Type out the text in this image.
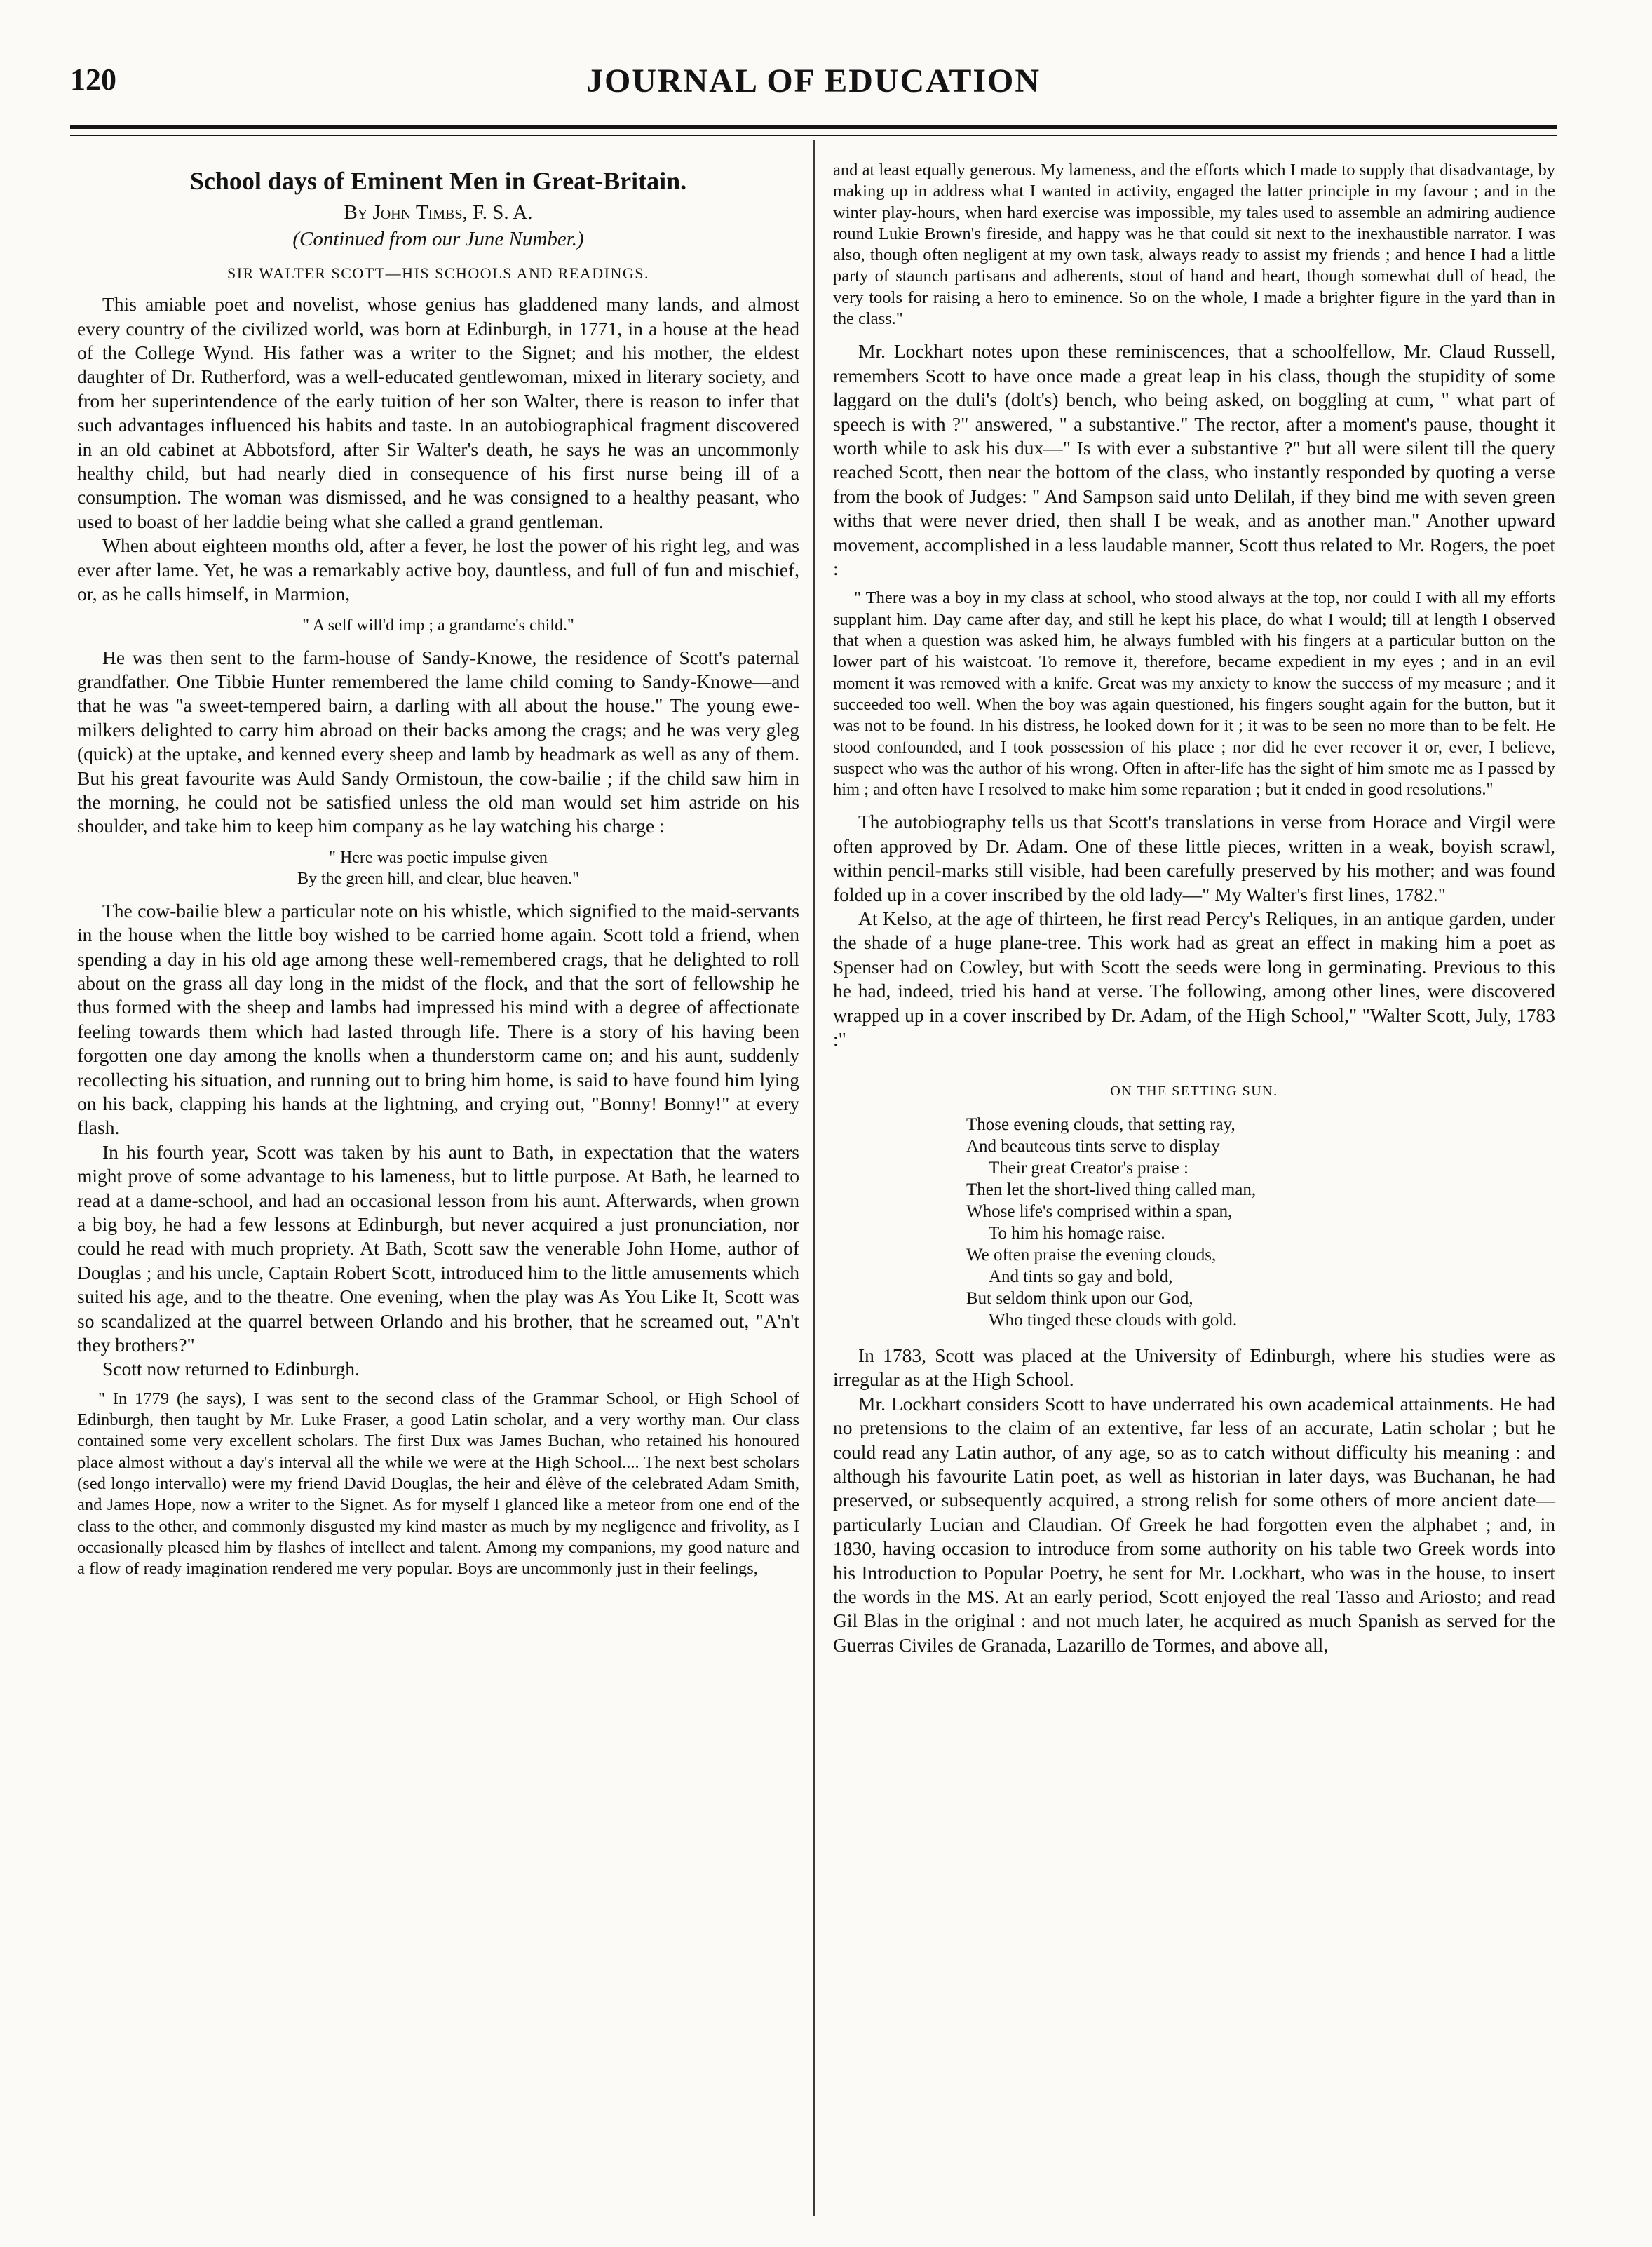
120	JOURNAL OF EDUCATION
School days of Eminent Men in Great-Britain.
By John Timbs, F. S. A.
(Continued from our June Number.)
SIR WALTER SCOTT—HIS SCHOOLS AND READINGS.

This amiable poet and novelist, whose genius has gladdened many lands, and almost every country of the civilized world, was born at Edinburgh, in 1771, in a house at the head of the College Wynd. His father was a writer to the Signet; and his mother, the eldest daughter of Dr. Rutherford, was a well-educated gentlewoman, mixed in literary society, and from her superintendence of the early tuition of her son Walter, there is reason to infer that such advantages influenced his habits and taste. In an autobiographical fragment discovered in an old cabinet at Abbotsford, after Sir Walter's death, he says he was an uncommonly healthy child, but had nearly died in consequence of his first nurse being ill of a consumption. The woman was dismissed, and he was consigned to a healthy peasant, who used to boast of her laddie being what she called a grand gentleman.

When about eighteen months old, after a fever, he lost the power of his right leg, and was ever after lame. Yet, he was a remarkably active boy, dauntless, and full of fun and mischief, or, as he calls himself, in Marmion,

" A self will'd imp ; a grandame's child."

He was then sent to the farm-house of Sandy-Knowe, the residence of Scott's paternal grandfather. One Tibbie Hunter remembered the lame child coming to Sandy-Knowe—and that he was "a sweet-tempered bairn, a darling with all about the house." The young ewe-milkers delighted to carry him abroad on their backs among the crags; and he was very gleg (quick) at the uptake, and kenned every sheep and lamb by headmark as well as any of them. But his great favourite was Auld Sandy Ormistoun, the cow-bailie ; if the child saw him in the morning, he could not be satisfied unless the old man would set him astride on his shoulder, and take him to keep him company as he lay watching his charge :

" Here was poetic impulse given
By the green hill, and clear, blue heaven."

The cow-bailie blew a particular note on his whistle, which signified to the maid-servants in the house when the little boy wished to be carried home again. Scott told a friend, when spending a day in his old age among these well-remembered crags, that he delighted to roll about on the grass all day long in the midst of the flock, and that the sort of fellowship he thus formed with the sheep and lambs had impressed his mind with a degree of affectionate feeling towards them which had lasted through life. There is a story of his having been forgotten one day among the knolls when a thunderstorm came on; and his aunt, suddenly recollecting his situation, and running out to bring him home, is said to have found him lying on his back, clapping his hands at the lightning, and crying out, "Bonny! Bonny!" at every flash.

In his fourth year, Scott was taken by his aunt to Bath, in expectation that the waters might prove of some advantage to his lameness, but to little purpose. At Bath, he learned to read at a dame-school, and had an occasional lesson from his aunt. Afterwards, when grown a big boy, he had a few lessons at Edinburgh, but never acquired a just pronunciation, nor could he read with much propriety. At Bath, Scott saw the venerable John Home, author of Douglas ; and his uncle, Captain Robert Scott, introduced him to the little amusements which suited his age, and to the theatre. One evening, when the play was As You Like It, Scott was so scandalized at the quarrel between Orlando and his brother, that he screamed out, "A'n't they brothers?"

Scott now returned to Edinburgh.

" In 1779 (he says), I was sent to the second class of the Grammar School, or High School of Edinburgh, then taught by Mr. Luke Fraser, a good Latin scholar, and a very worthy man. Our class contained some very excellent scholars. The first Dux was James Buchan, who retained his honoured place almost without a day's interval all the while we were at the High School.... The next best scholars (sed longo intervallo) were my friend David Douglas, the heir and élève of the celebrated Adam Smith, and James Hope, now a writer to the Signet. As for myself I glanced like a meteor from one end of the class to the other, and commonly disgusted my kind master as much by my negligence and frivolity, as I occasionally pleased him by flashes of intellect and talent. Among my companions, my good nature and a flow of ready imagination rendered me very popular. Boys are uncommonly just in their feelings,

and at least equally generous. My lameness, and the efforts which I made to supply that disadvantage, by making up in address what I wanted in activity, engaged the latter principle in my favour ; and in the winter play-hours, when hard exercise was impossible, my tales used to assemble an admiring audience round Lukie Brown's fireside, and happy was he that could sit next to the inexhaustible narrator. I was also, though often negligent at my own task, always ready to assist my friends ; and hence I had a little party of staunch partisans and adherents, stout of hand and heart, though somewhat dull of head, the very tools for raising a hero to eminence. So on the whole, I made a brighter figure in the yard than in the class."

Mr. Lockhart notes upon these reminiscences, that a schoolfellow, Mr. Claud Russell, remembers Scott to have once made a great leap in his class, though the stupidity of some laggard on the duli's (dolt's) bench, who being asked, on boggling at cum, " what part of speech is with ?" answered, " a substantive." The rector, after a moment's pause, thought it worth while to ask his dux—" Is with ever a substantive ?" but all were silent till the query reached Scott, then near the bottom of the class, who instantly responded by quoting a verse from the book of Judges: " And Sampson said unto Delilah, if they bind me with seven green withs that were never dried, then shall I be weak, and as another man." Another upward movement, accomplished in a less laudable manner, Scott thus related to Mr. Rogers, the poet :

" There was a boy in my class at school, who stood always at the top, nor could I with all my efforts supplant him. Day came after day, and still he kept his place, do what I would; till at length I observed that when a question was asked him, he always fumbled with his fingers at a particular button on the lower part of his waistcoat. To remove it, therefore, became expedient in my eyes ; and in an evil moment it was removed with a knife. Great was my anxiety to know the success of my measure ; and it succeeded too well. When the boy was again questioned, his fingers sought again for the button, but it was not to be found. In his distress, he looked down for it ; it was to be seen no more than to be felt. He stood confounded, and I took possession of his place ; nor did he ever recover it or, ever, I believe, suspect who was the author of his wrong. Often in after-life has the sight of him smote me as I passed by him ; and often have I resolved to make him some reparation ; but it ended in good resolutions."

The autobiography tells us that Scott's translations in verse from Horace and Virgil were often approved by Dr. Adam. One of these little pieces, written in a weak, boyish scrawl, within pencil-marks still visible, had been carefully preserved by his mother; and was found folded up in a cover inscribed by the old lady—" My Walter's first lines, 1782."

At Kelso, at the age of thirteen, he first read Percy's Reliques, in an antique garden, under the shade of a huge plane-tree. This work had as great an effect in making him a poet as Spenser had on Cowley, but with Scott the seeds were long in germinating. Previous to this he had, indeed, tried his hand at verse. The following, among other lines, were discovered wrapped up in a cover inscribed by Dr. Adam, of the High School," "Walter Scott, July, 1783 :"

ON THE SETTING SUN.
Those evening clouds, that setting ray,
And beauteous tints serve to display
Their great Creator's praise :
Then let the short-lived thing called man,
Whose life's comprised within a span,
To him his homage raise.
We often praise the evening clouds,
And tints so gay and bold,
But seldom think upon our God,
Who tinged these clouds with gold.

In 1783, Scott was placed at the University of Edinburgh, where his studies were as irregular as at the High School.

Mr. Lockhart considers Scott to have underrated his own academical attainments. He had no pretensions to the claim of an extentive, far less of an accurate, Latin scholar ; but he could read any Latin author, of any age, so as to catch without difficulty his meaning : and although his favourite Latin poet, as well as historian in later days, was Buchanan, he had preserved, or subsequently acquired, a strong relish for some others of more ancient date—particularly Lucian and Claudian. Of Greek he had forgotten even the alphabet ; and, in 1830, having occasion to introduce from some authority on his table two Greek words into his Introduction to Popular Poetry, he sent for Mr. Lockhart, who was in the house, to insert the words in the MS. At an early period, Scott enjoyed the real Tasso and Ariosto; and read Gil Blas in the original : and not much later, he acquired as much Spanish as served for the Guerras Civiles de Granada, Lazarillo de Tormes, and above all,
